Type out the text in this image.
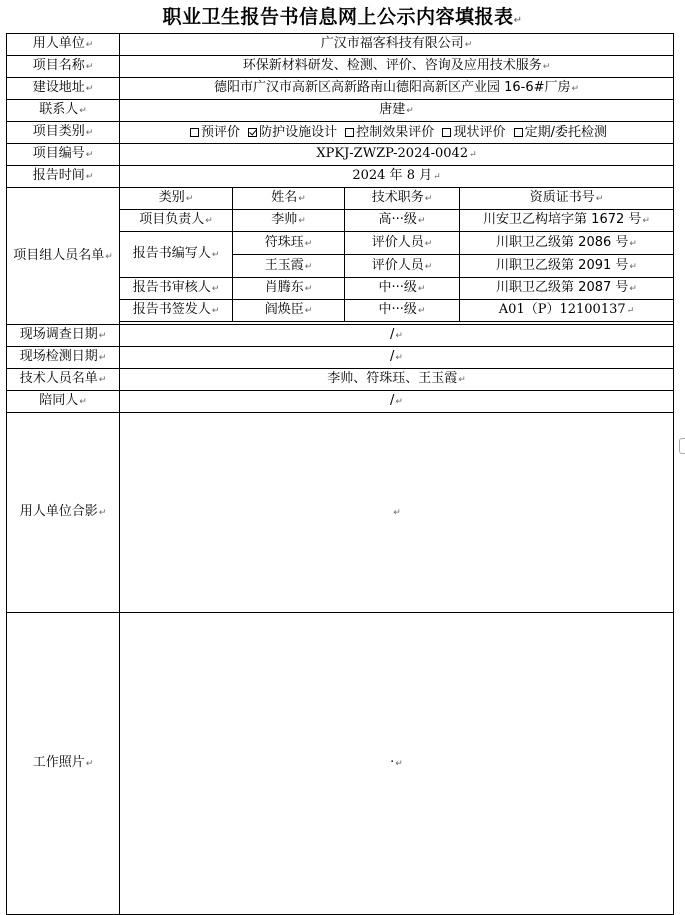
职业卫生报告书信息网上公示内容填报表↵
用人单位↵	广汉市福客科技有限公司↵			
项目名称↵	环保新材料研发、检测、评价、咨询及应用技术服务↵			
建设地址↵	德阳市广汉市高新区高新路南山德阳高新区产业园 16-6#厂房↵			
联系人↵	唐建↵			
项目类别↵	预评价 防护设施设计 控制效果评价 现状评价 定期/委托检测			
项目编号↵	XPKJ-ZWZP-2024-0042↵			
报告时间↵	2024 年 8 月↵			
项目组人员名单↵	类别↵	姓名↵	技术职务↵	资质证书号↵
	项目负责人↵	李帅↵	高···级↵	川安卫乙构培字第 1672 号↵
	报告书编写人↵	符珠珏↵	评价人员↵	川职卫乙级第 2086 号↵
		王玉霞↵	评价人员↵	川职卫乙级第 2091 号↵
	报告书审核人↵	肖腾东↵	中···级↵	川职卫乙级第 2087 号↵
	报告书签发人↵	阎焕臣↵	中···级↵	A01（P）12100137↵

现场调查日期↵	/↵			
现场检测日期↵	/↵			
技术人员名单↵	李帅、符珠珏、王玉霞↵			
陪同人↵	/↵			
用人单位合影↵	↵			
工作照片↵	·↵			
